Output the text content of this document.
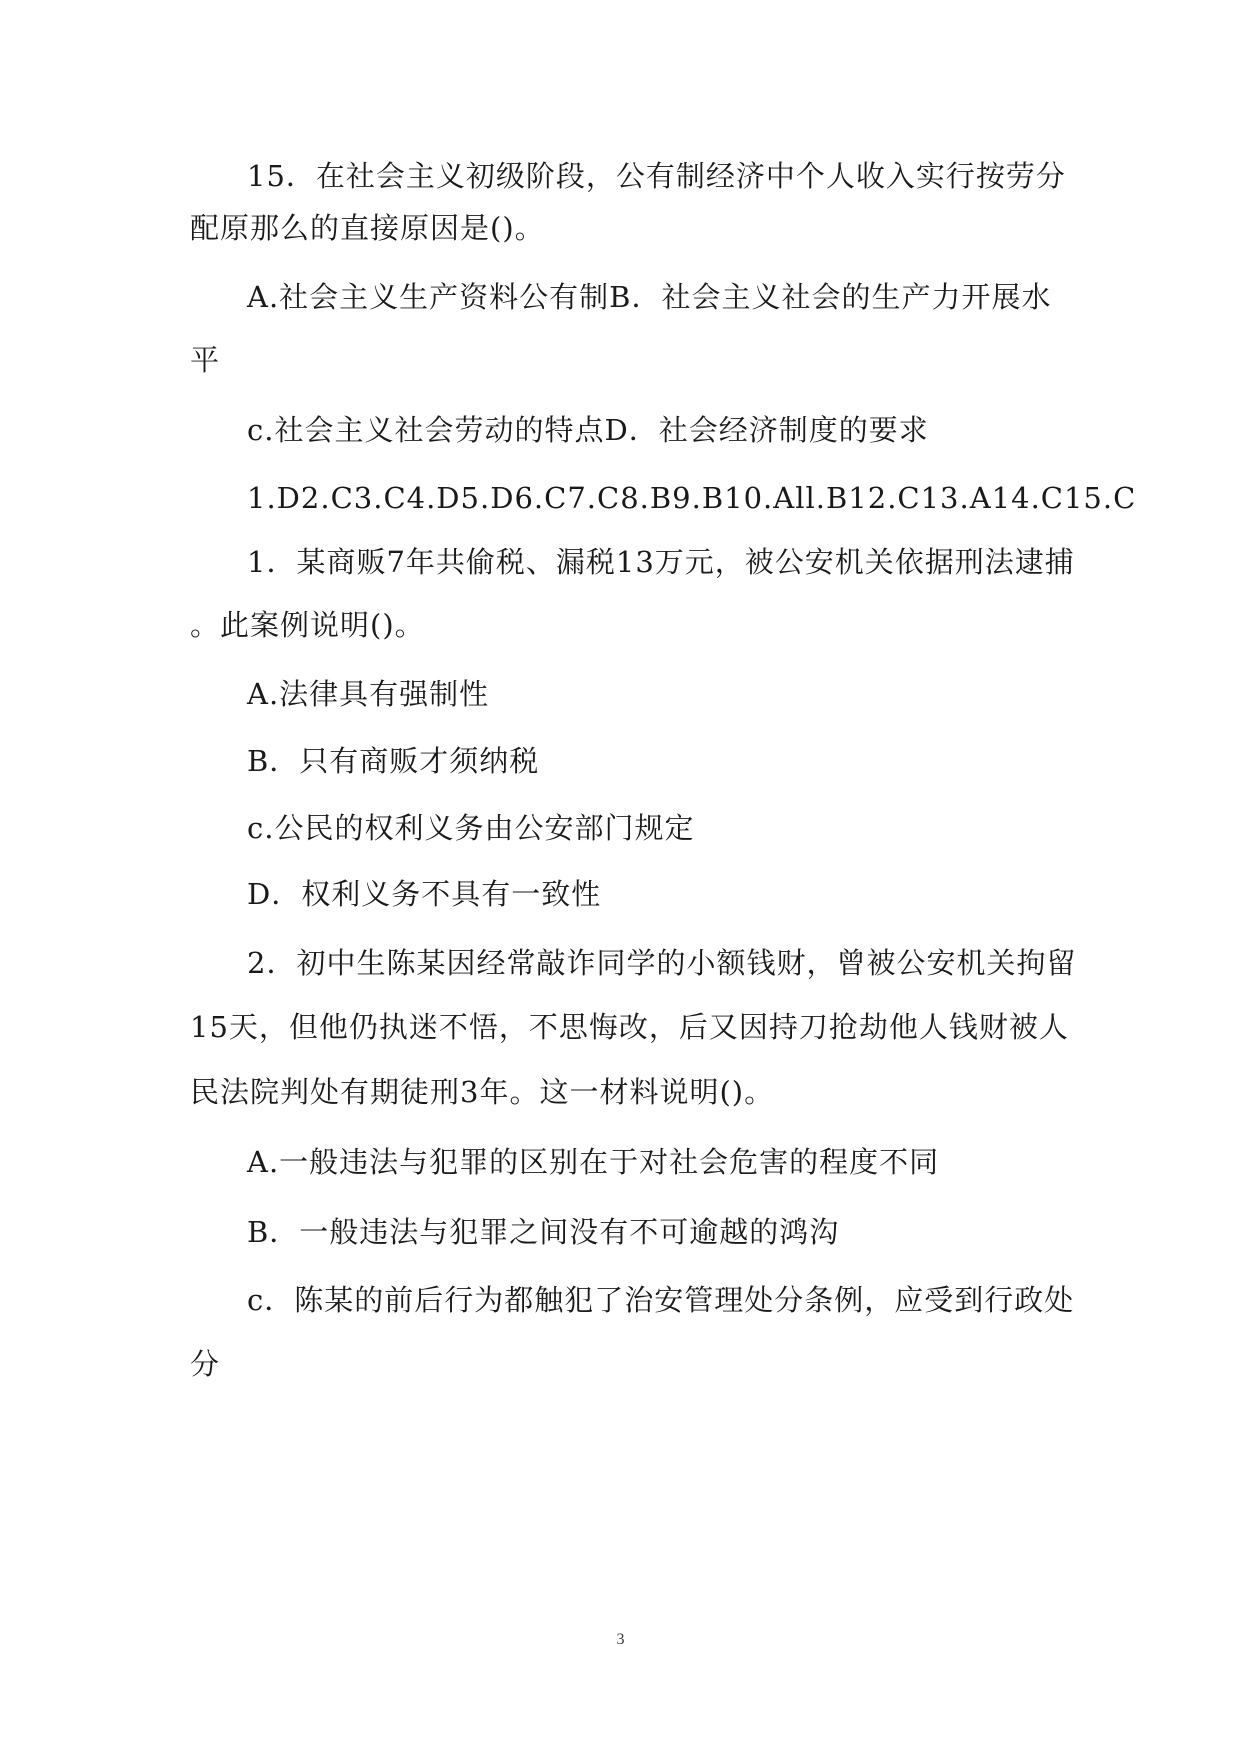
15．在社会主义初级阶段，公有制经济中个人收入实行按劳分
配原那么的直接原因是()。
A.社会主义生产资料公有制B．社会主义社会的生产力开展水
平
c.社会主义社会劳动的特点D．社会经济制度的要求
1.D2.C3.C4.D5.D6.C7.C8.B9.B10.All.B12.C13.A14.C15.C
1．某商贩7年共偷税、漏税13万元，被公安机关依据刑法逮捕
。此案例说明()。
A.法律具有强制性
B．只有商贩才须纳税
c.公民的权利义务由公安部门规定
D．权利义务不具有一致性
2．初中生陈某因经常敲诈同学的小额钱财，曾被公安机关拘留
15天，但他仍执迷不悟，不思悔改，后又因持刀抢劫他人钱财被人
民法院判处有期徒刑3年。这一材料说明()。
A.一般违法与犯罪的区别在于对社会危害的程度不同
B．一般违法与犯罪之间没有不可逾越的鸿沟
c．陈某的前后行为都触犯了治安管理处分条例，应受到行政处
分
3
